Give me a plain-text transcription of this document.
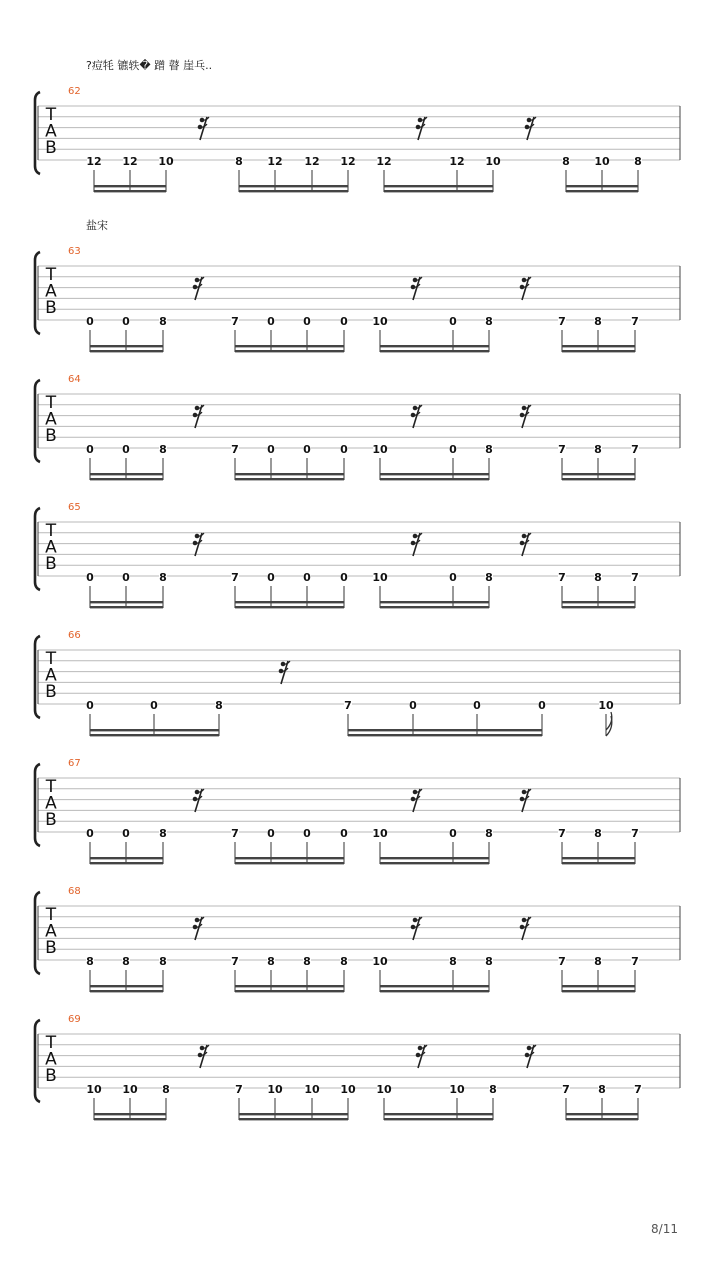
?痘牦 镳轶� 蹭 瞽 崖乓..
盐宋
62
T
A
B
12 12 10	8 12 12 12 12	12 10	8 10 8
63
T
A
B
0	0	8	7	0	0	0 10	0	8	7	8	7
64
T
A
B
0	0	8	7	0	0	0 10	0	8	7	8	7
65
T
A
B
0	0	8	7	0	0	0 10	0	8	7	8	7
66
T
A
B
0	0	8	7	0	0	0	10
67
T
A
B
0	0	8	7	0	0	0 10	0	8	7	8	7
68
T
A
B
8	8	8	7	8	8	8 10	8	8	7	8	7
69
T
A
B
10 10 8	7 10 10 10 10	10 8	7	8	7
8/11
